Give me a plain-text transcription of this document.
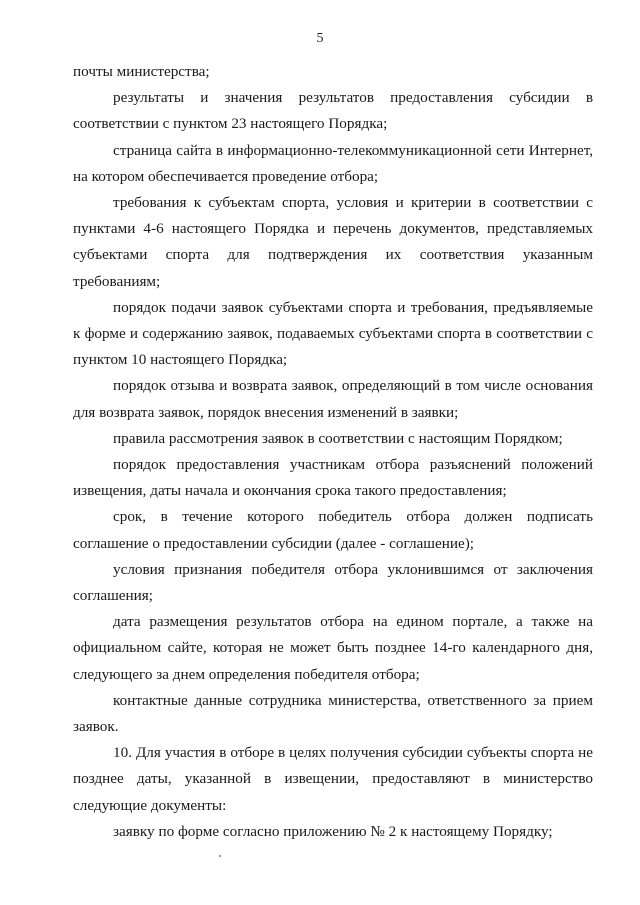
5

почты министерства;

результаты и значения результатов предоставления субсидии в соответствии с пунктом 23 настоящего Порядка;

страница сайта в информационно-телекоммуникационной сети Интернет, на котором обеспечивается проведение отбора;

требования к субъектам спорта, условия и критерии в соответствии с пунктами 4-6 настоящего Порядка и перечень документов, представляемых субъектами спорта для подтверждения их соответствия указанным требованиям;

порядок подачи заявок субъектами спорта и требования, предъявляемые к форме и содержанию заявок, подаваемых субъектами спорта в соответствии с пунктом 10 настоящего Порядка;

порядок отзыва и возврата заявок, определяющий в том числе основания для возврата заявок, порядок внесения изменений в заявки;

правила рассмотрения заявок в соответствии с настоящим Порядком;

порядок предоставления участникам отбора разъяснений положений извещения, даты начала и окончания срока такого предоставления;

срок, в течение которого победитель отбора должен подписать соглашение о предоставлении субсидии (далее - соглашение);

условия признания победителя отбора уклонившимся от заключения соглашения;

дата размещения результатов отбора на едином портале, а также на официальном сайте, которая не может быть позднее 14-го календарного дня, следующего за днем определения победителя отбора;

контактные данные сотрудника министерства, ответственного за прием заявок.

10. Для участия в отборе в целях получения субсидии субъекты спорта не позднее даты, указанной в извещении, предоставляют в министерство следующие документы:

заявку по форме согласно приложению № 2 к настоящему Порядку;
